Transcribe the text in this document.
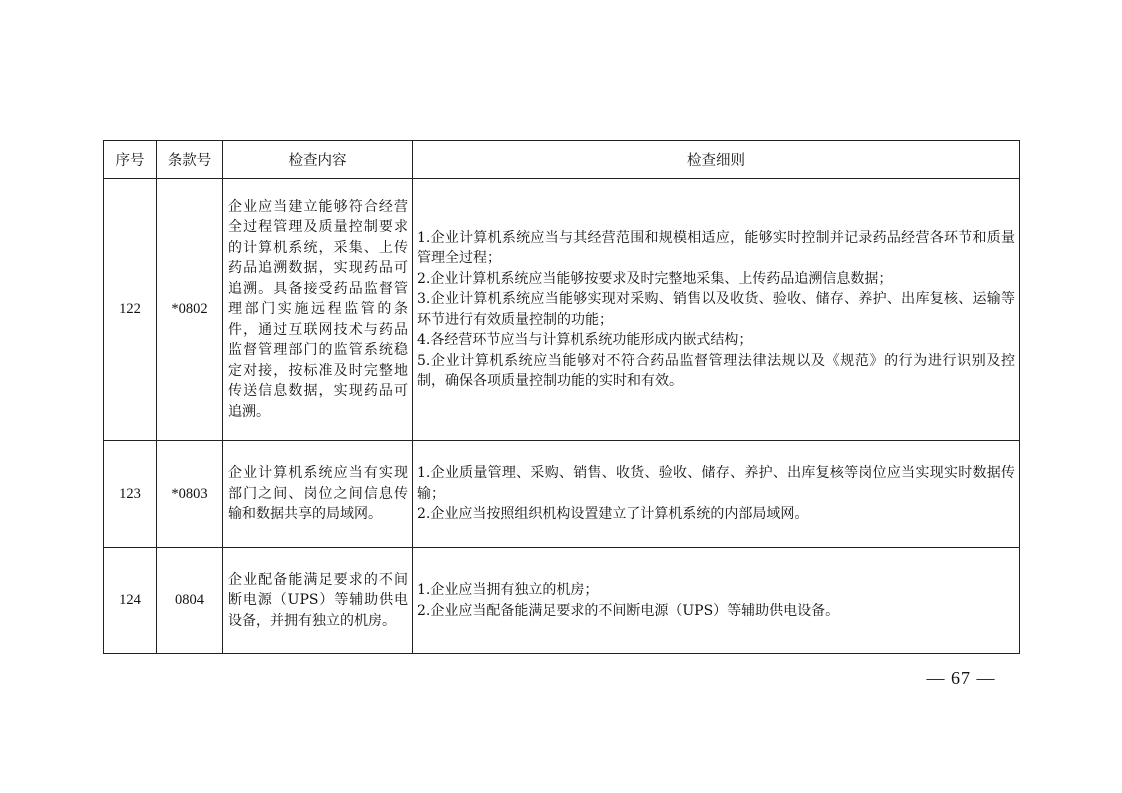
序号	条款号	检查内容	检查细则
122	*0802	企业应当建立能够符合经营全过程管理及质量控制要求的计算机系统，采集、上传药品追溯数据，实现药品可追溯。具备接受药品监督管理部门实施远程监管的条件，通过互联网技术与药品监督管理部门的监管系统稳定对接，按标准及时完整地传送信息数据，实现药品可追溯。	1.企业计算机系统应当与其经营范围和规模相适应，能够实时控制并记录药品经营各环节和质量管理全过程；
2.企业计算机系统应当能够按要求及时完整地采集、上传药品追溯信息数据；
3.企业计算机系统应当能够实现对采购、销售以及收货、验收、储存、养护、出库复核、运输等环节进行有效质量控制的功能；
4.各经营环节应当与计算机系统功能形成内嵌式结构；
5.企业计算机系统应当能够对不符合药品监督管理法律法规以及《规范》的行为进行识别及控制，确保各项质量控制功能的实时和有效。

123	*0803	企业计算机系统应当有实现部门之间、岗位之间信息传输和数据共享的局域网。	1.企业质量管理、采购、销售、收货、验收、储存、养护、出库复核等岗位应当实现实时数据传输；
2.企业应当按照组织机构设置建立了计算机系统的内部局域网。

124	0804	企业配备能满足要求的不间断电源（UPS）等辅助供电设备，并拥有独立的机房。	1.企业应当拥有独立的机房；
2.企业应当配备能满足要求的不间断电源（UPS）等辅助供电设备。
— 67 —
